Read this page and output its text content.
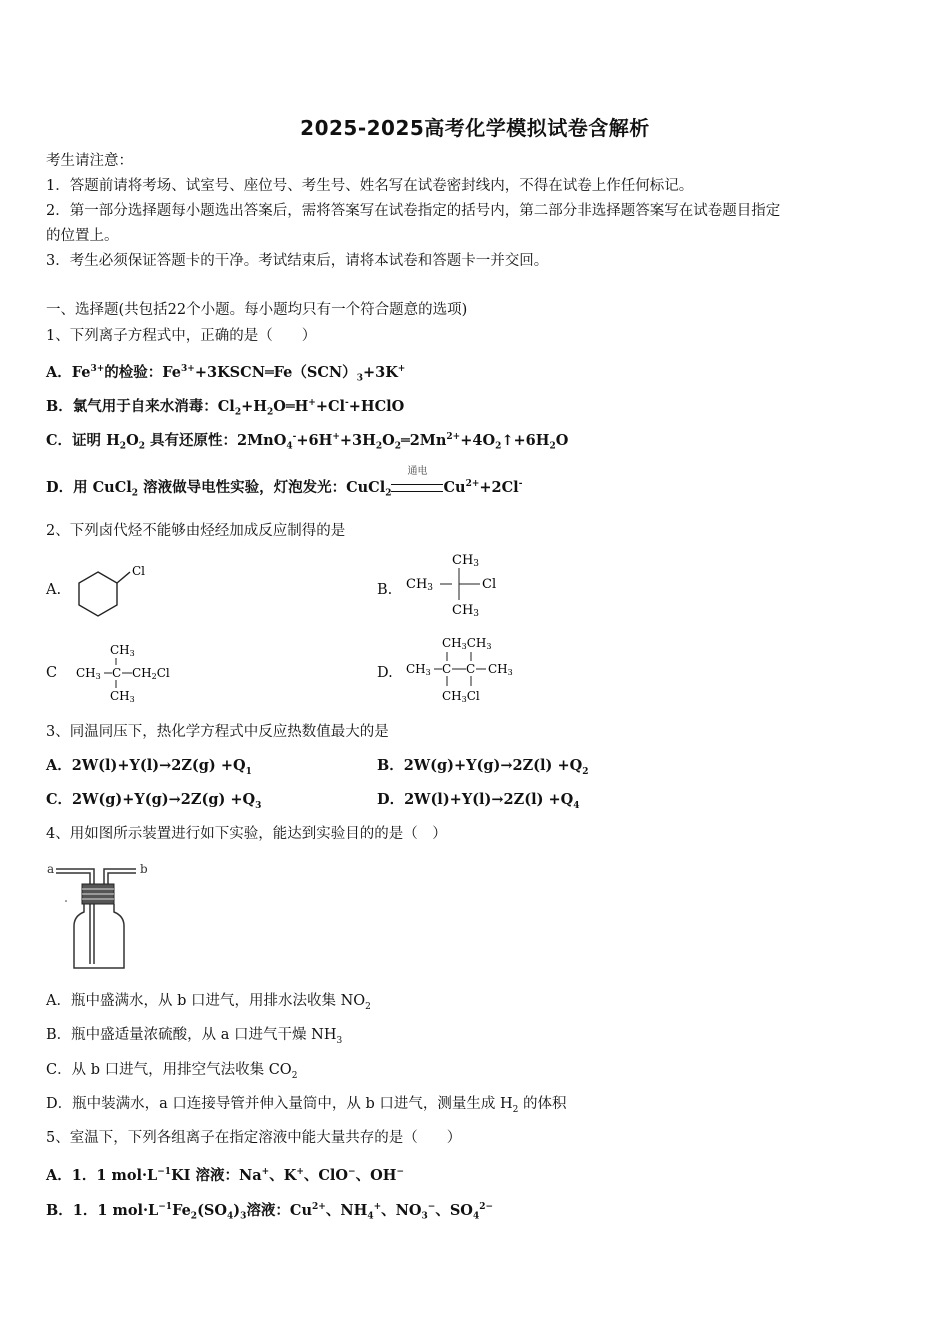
2025-2025高考化学模拟试卷含解析
考生请注意：
1．答题前请将考场、试室号、座位号、考生号、姓名写在试卷密封线内，不得在试卷上作任何标记。
2．第一部分选择题每小题选出答案后，需将答案写在试卷指定的括号内，第二部分非选择题答案写在试卷题目指定
的位置上。
3．考生必须保证答题卡的干净。考试结束后，请将本试卷和答题卡一并交回。
一、选择题(共包括22个小题。每小题均只有一个符合题意的选项)
1、下列离子方程式中，正确的是（　　）
A．$Fe^{3+}$的检验：$Fe^{3+}+3KSCN═Fe(SCN)_3+3K^+$
B．氯气用于自来水消毒：$Cl_2+H_2O═H^++Cl^-+HClO$
C．证明 $H_2O_2$ 具有还原性：$2MnO_4^-+6H^++3H_2O_2═2Mn^{2+}+4O_2↑+6H_2O$
D．用 CuCl$_2$ 溶液做导电性实验，灯泡发光：CuCl$_2$
通电
$Cu^{2+}+2Cl^-$
2、下列卤代烃不能够由烃经加成反应制得的是
A.
Cl
B.
CH3
CH3	Cl
CH3
C
CH3
CH3 C CH2Cl
CH3
D.
CH3CH3
CH3 C C CH3
CH3Cl
3、同温同压下，热化学方程式中反应热数值最大的是
A．$2W(l)+Y(l)\to 2Z(g) +Q_1$	B．$2W(g)+Y(g)\to 2Z(l) +Q_2$
C．$2W(g)+Y(g)\to 2Z(g) +Q_3$	D．$2W(l)+Y(l)\to 2Z(l) +Q_4$
4、用如图所示装置进行如下实验，能达到实验目的的是（　）
a	b
A．瓶中盛满水，从 b 口进气，用排水法收集 $NO_2$
B．瓶中盛适量浓硫酸，从 a 口进气干燥 $NH_3$
C．从 b 口进气，用排空气法收集 $CO_2$
D．瓶中装满水，a 口连接导管并伸入量筒中，从 b 口进气，测量生成 $H_2$ 的体积
5、室温下，下列各组离子在指定溶液中能大量共存的是（　　）
A．1．1 $mol\cdot L^{-1}KI$ 溶液：Na+、K+、ClO−、OH−
B．1．1 $mol\cdot L^{-1}Fe_2(SO_4)_3$溶液：$Cu^{2+}$、$NH_4^+$、$NO_3^-$、$SO_4^{2-}$
